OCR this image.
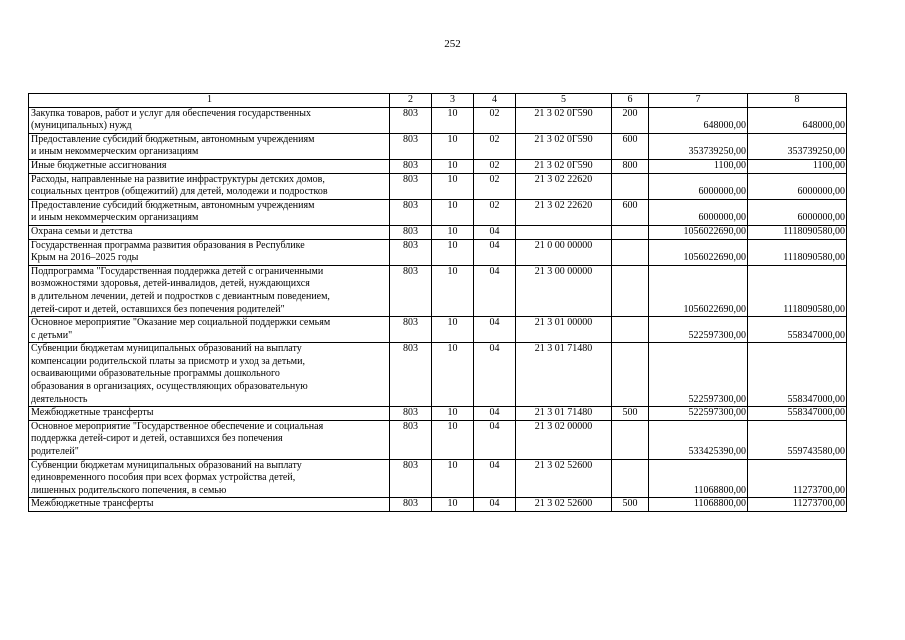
252
1	2	3	4	5	6	7	8
Закупка товаров, работ и услуг для обеспечения государственных
(муниципальных) нужд	803	10	02	21 3 02 0Г590	200	648000,00	648000,00
Предоставление субсидий бюджетным, автономным учреждениям
и иным некоммерческим организациям	803	10	02	21 3 02 0Г590	600	353739250,00	353739250,00
Иные бюджетные ассигнования	803	10	02	21 3 02 0Г590	800	1100,00	1100,00
Расходы, направленные на развитие инфраструктуры детских домов,
социальных центров (общежитий) для детей, молодежи и подростков	803	10	02	21 3 02 22620		6000000,00	6000000,00
Предоставление субсидий бюджетным, автономным учреждениям
и иным некоммерческим организациям	803	10	02	21 3 02 22620	600	6000000,00	6000000,00
Охрана семьи и детства	803	10	04			1056022690,00	1118090580,00
Государственная программа развития образования в Республике
Крым на 2016–2025 годы	803	10	04	21 0 00 00000		1056022690,00	1118090580,00
Подпрограмма "Государственная поддержка детей с ограниченными
возможностями здоровья, детей-инвалидов, детей, нуждающихся
в длительном лечении, детей и подростков с девиантным поведением,
детей-сирот и детей, оставшихся без попечения родителей"	803	10	04	21 3 00 00000		1056022690,00	1118090580,00
Основное мероприятие "Оказание мер социальной поддержки семьям
с детьми"	803	10	04	21 3 01 00000		522597300,00	558347000,00
Субвенции бюджетам муниципальных образований на выплату
компенсации родительской платы за присмотр и уход за детьми,
осваивающими образовательные программы дошкольного
образования в организациях, осуществляющих образовательную
деятельность	803	10	04	21 3 01 71480		522597300,00	558347000,00
Межбюджетные трансферты	803	10	04	21 3 01 71480	500	522597300,00	558347000,00
Основное мероприятие "Государственное обеспечение и социальная
поддержка детей-сирот и детей, оставшихся без попечения
родителей"	803	10	04	21 3 02 00000		533425390,00	559743580,00
Субвенции бюджетам муниципальных образований на выплату
единовременного пособия при всех формах устройства детей,
лишенных родительского попечения, в семью	803	10	04	21 3 02 52600		11068800,00	11273700,00
Межбюджетные трансферты	803	10	04	21 3 02 52600	500	11068800,00	11273700,00
